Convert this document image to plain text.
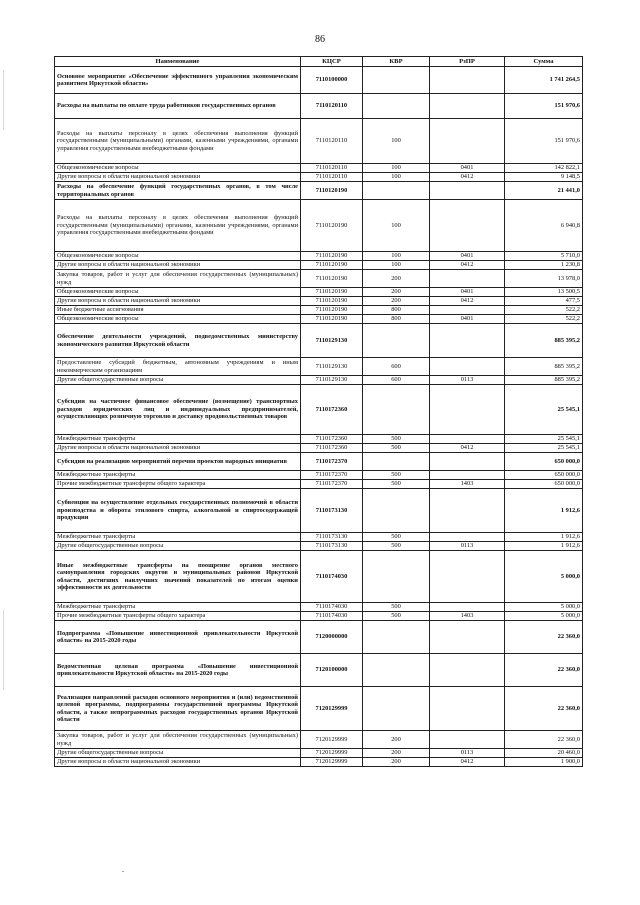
86
Наименование	КЦСР	КВР	РзПР	Сумма
Основное мероприятие «Обеспечение эффективного управления экономическим развитием Иркутской области»	7110100000			1 741 264,5
Расходы на выплаты по оплате труда работников государственных органов	7110120110			151 970,6
Расходы на выплаты персоналу в целях обеспечения выполнения функций государственными (муниципальными) органами, казенными учреждениями, органами управления государственными внебюджетными фондами	7110120110	100		151 970,6
Общеэкономические вопросы	7110120110	100	0401	142 822,1
Другие вопросы в области национальной экономики	7110120110	100	0412	9 148,5
Расходы на обеспечение функций государственных органов, в том числе территориальных органов	7110120190			21 441,0
Расходы на выплаты персоналу в целях обеспечения выполнения функций государственными (муниципальными) органами, казенными учреждениями, органами управления государственными внебюджетными фондами	7110120190	100		6 940,8
Общеэкономические вопросы	7110120190	100	0401	5 710,0
Другие вопросы в области национальной экономики	7110120190	100	0412	1 230,8
Закупка товаров, работ и услуг для обеспечения государственных (муниципальных) нужд	7110120190	200		13 978,0
Общеэкономические вопросы	7110120190	200	0401	13 500,5
Другие вопросы в области национальной экономики	7110120190	200	0412	477,5
Иные бюджетные ассигнования	7110120190	800		522,2
Общеэкономические вопросы	7110120190	800	0401	522,2
Обеспечение деятельности учреждений, подведомственных министерству экономического развития Иркутской области	7110129130			885 395,2
Предоставление субсидий бюджетным, автономным учреждениям и иным некоммерческим организациям	7110129130	600		885 395,2
Другие общегосударственные вопросы	7110129130	600	0113	885 395,2
Субсидии на частичное финансовое обеспечение (возмещение) транспортных расходов юридических лиц и индивидуальных предпринимателей, осуществляющих розничную торговлю и доставку продовольственных товаров	7110172360			25 545,1
Межбюджетные трансферты	7110172360	500		25 545,1
Другие вопросы в области национальной экономики	7110172360	500	0412	25 545,1
Субсидии на реализацию мероприятий перечня проектов народных инициатив	7110172370			650 000,0
Межбюджетные трансферты	7110172370	500		650 000,0
Прочие межбюджетные трансферты общего характера	7110172370	500	1403	650 000,0
Субвенции на осуществление отдельных государственных полномочий в области производства и оборота этилового спирта, алкогольной и спиртосодержащей продукции	7110173130			1 912,6
Межбюджетные трансферты	7110173130	500		1 912,6
Другие общегосударственные вопросы	7110173130	500	0113	1 912,6
Иные межбюджетные трансферты на поощрение органов местного самоуправления городских округов и муниципальных районов Иркутской области, достигших наилучших значений показателей по итогам оценки эффективности их деятельности	7110174030			5 000,0
Межбюджетные трансферты	7110174030	500		5 000,0
Прочие межбюджетные трансферты общего характера	7110174030	500	1403	5 000,0
Подпрограмма «Повышение инвестиционной привлекательности Иркутской области» на 2015-2020 годы	7120000000			22 360,0
Ведомственная целевая программа «Повышение инвестиционной привлекательности Иркутской области» на 2015-2020 годы	7120100000			22 360,0
Реализация направлений расходов основного мероприятия и (или) ведомственной целевой программы, подпрограммы государственной программы Иркутской области, а также непрограммных расходов государственных органов Иркутской области	7120129999			22 360,0
Закупка товаров, работ и услуг для обеспечения государственных (муниципальных) нужд	7120129999	200		22 360,0
Другие общегосударственные вопросы	7120129999	200	0113	20 460,0
Другие вопросы в области национальной экономики	7120129999	200	0412	1 900,0
.
